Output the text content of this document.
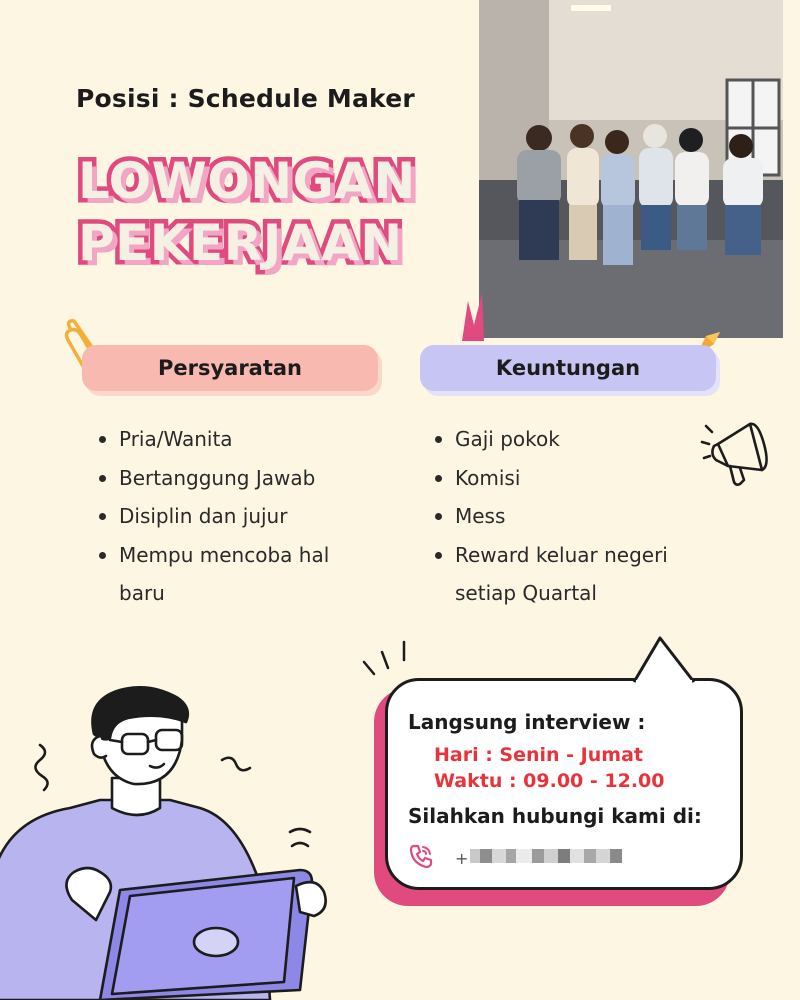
Posisi : Schedule Maker
LOWONGAN
PEKERJAAN
Persyaratan	Keuntungan
Pria/Wanita
Bertanggung Jawab
Disiplin dan jujur
Mempu mencoba hal baru
Gaji pokok
Komisi
Mess
Reward keluar negeri setiap Quartal
Langsung interview :
Hari : Senin - Jumat
Waktu : 09.00 - 12.00
Silahkan hubungi kami di:
+
